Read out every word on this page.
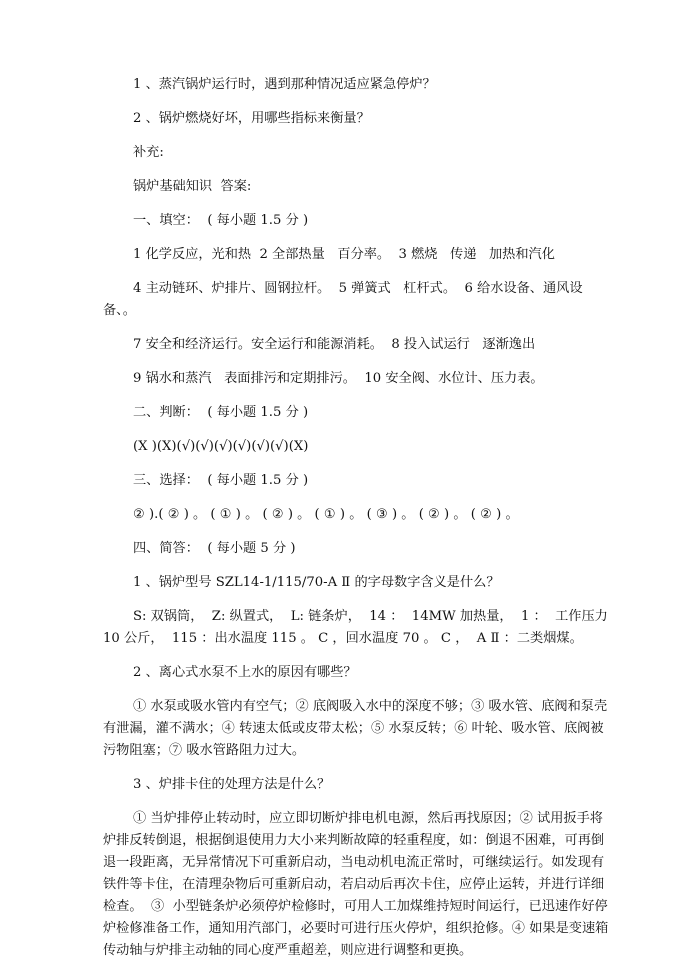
1 、蒸汽锅炉运行时，遇到那种情况适应紧急停炉？

2 、锅炉燃烧好坏，用哪些指标来衡量？

补充:

锅炉基础知识  答案:

一、填空：  ( 每小题 1.5 分 )

1 化学反应，光和热  2 全部热量   百分率。  3 燃烧   传递   加热和汽化

4 主动链环、炉排片、圆钢拉杆。  5 弹簧式   杠杆式。  6 给水设备、通风设备、。

7 安全和经济运行。安全运行和能源消耗。  8 投入试运行   逐渐逸出

9 锅水和蒸汽   表面排污和定期排污。  10 安全阀、水位计、压力表。

二、判断：  ( 每小题 1.5 分 )

(X )(X)(√)(√)(√)(√)(√)(√)(X)

三、选择：  ( 每小题 1.5 分 )

② ).( ② ) 。 ( ① ) 。 ( ② ) 。 ( ① ) 。 ( ③ ) 。 ( ② ) 。 ( ② ) 。

四、简答：  ( 每小题 5 分 )

1 、锅炉型号 SZL14-1/115/70-A Ⅱ 的字母数字含义是什么？

S: 双锅筒，  Z: 纵置式，  L: 链条炉，  14 ：  14MW 加热量，  1 ：  工作压力 10 公斤，  115 ：出水温度 115 。 C ，回水温度 70 。 C ，  A Ⅱ ：二类烟煤。

2 、离心式水泵不上水的原因有哪些？

① 水泵或吸水管内有空气；② 底阀吸入水中的深度不够；③ 吸水管、底阀和泵壳有泄漏，灌不满水；④ 转速太低或皮带太松；⑤ 水泵反转；⑥ 叶轮、吸水管、底阀被污物阻塞；⑦ 吸水管路阻力过大。

3 、炉排卡住的处理方法是什么？

① 当炉排停止转动时，应立即切断炉排电机电源，然后再找原因；② 试用扳手将炉排反转倒退，根据倒退使用力大小来判断故障的轻重程度，如：倒退不困难，可再倒退一段距离，无异常情况下可重新启动，当电动机电流正常时，可继续运行。如发现有铁件等卡住，在清理杂物后可重新启动，若启动后再次卡住，应停止运转，并进行详细检查。  ③  小型链条炉必须停炉检修时，可用人工加煤维持短时间运行，已迅速作好停炉检修准备工作，通知用汽部门，必要时可进行压火停炉，组织抢修。④ 如果是变速箱传动轴与炉排主动轴的同心度严重超差，则应进行调整和更换。
